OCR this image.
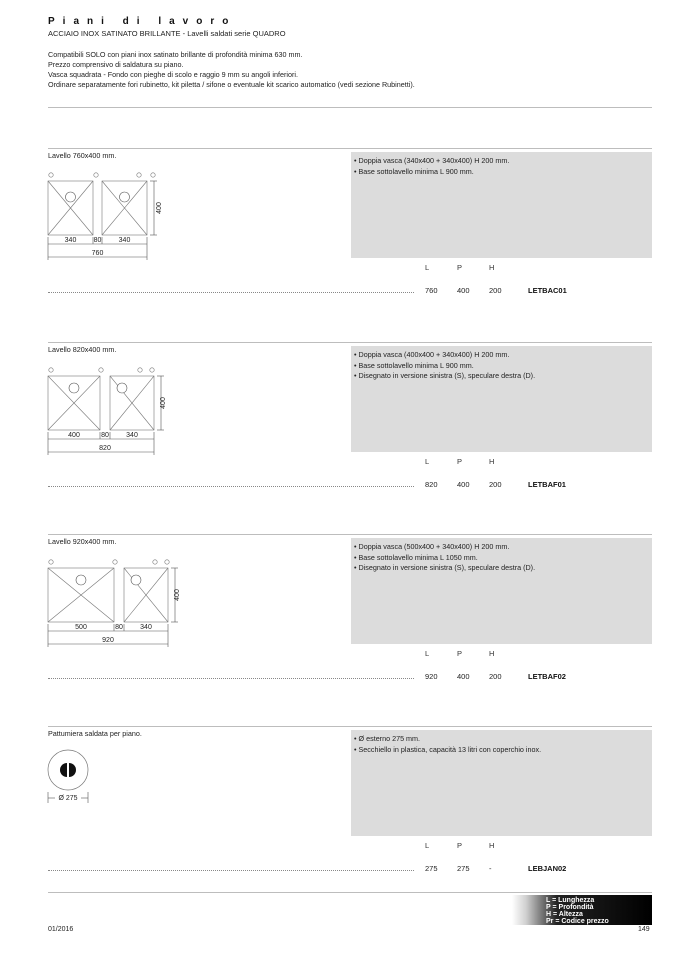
Piani di lavoro
ACCIAIO INOX SATINATO BRILLANTE - Lavelli saldati serie QUADRO
Compatibili SOLO con piani inox satinato brillante di profondità minima 630 mm.
Prezzo comprensivo di saldatura su piano.
Vasca squadrata - Fondo con pieghe di scolo e raggio 9 mm su angoli inferiori.
Ordinare separatamente fori rubinetto, kit piletta / sifone o eventuale kit scarico automatico (vedi sezione Rubinetti).
Lavello 760x400 mm.
340 80 340
760
400
• Doppia vasca (340x400 + 340x400) H 200 mm.
• Base sottolavello minima L 900 mm.
L	P	H
760	400	200	LETBAC01
Lavello 820x400 mm.
400	80 340
820
400
• Doppia vasca (400x400 + 340x400) H 200 mm.
• Base sottolavello minima L 900 mm.
• Disegnato in versione sinistra (S), speculare destra (D).
L	P	H
820	400	200	LETBAF01
Lavello 920x400 mm.
500	80 340
920
400
• Doppia vasca (500x400 + 340x400) H 200 mm.
• Base sottolavello minima L 1050 mm.
• Disegnato in versione sinistra (S), speculare destra (D).
L	P	H
920	400	200	LETBAF02
Pattumiera saldata per piano.
Ø 275
• Ø esterno 275 mm.
• Secchiello in plastica, capacità 13 litri con coperchio inox.
L	P	H
275	275	-	LEBJAN02
L = Lunghezza
P = Profondità
H = Altezza
Pr = Codice prezzo
01/2016	149
